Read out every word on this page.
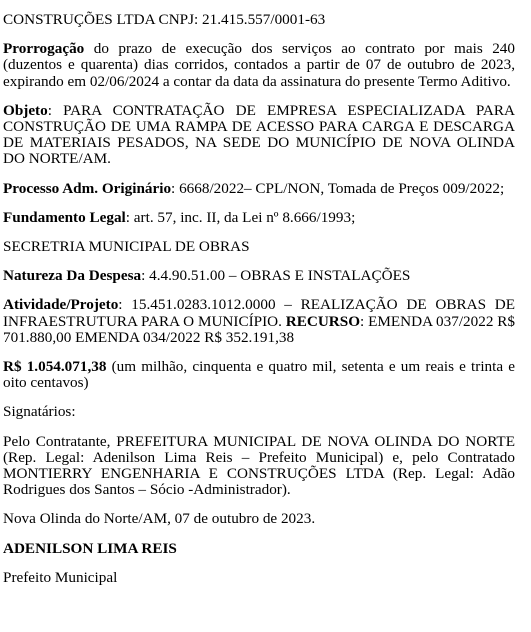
CONSTRUÇÕES LTDA CNPJ: 21.415.557/0001-63

Prorrogação do prazo de execução dos serviços ao contrato por mais 240 (duzentos e quarenta) dias corridos, contados a partir de 07 de outubro de 2023, expirando em 02/06/2024 a contar da data da assinatura do presente Termo Aditivo.

Objeto: PARA CONTRATAÇÃO DE EMPRESA ESPECIALIZADA PARA CONSTRUÇÃO DE UMA RAMPA DE ACESSO PARA CARGA E DESCARGA DE MATERIAIS PESADOS, NA SEDE DO MUNICÍPIO DE NOVA OLINDA DO NORTE/AM.

Processo Adm. Originário: 6668/2022– CPL/NON, Tomada de Preços 009/2022;

Fundamento Legal: art. 57, inc. II, da Lei nº 8.666/1993;

SECRETRIA MUNICIPAL DE OBRAS

Natureza Da Despesa: 4.4.90.51.00 – OBRAS E INSTALAÇÕES

Atividade/Projeto: 15.451.0283.1012.0000 – REALIZAÇÃO DE OBRAS DE INFRAESTRUTURA PARA O MUNICÍPIO. RECURSO: EMENDA 037/2022 R$ 701.880,00 EMENDA 034/2022 R$ 352.191,38

R$ 1.054.071,38 (um milhão, cinquenta e quatro mil, setenta e um reais e trinta e oito centavos)

Signatários:

Pelo Contratante, PREFEITURA MUNICIPAL DE NOVA OLINDA DO NORTE (Rep. Legal: Adenilson Lima Reis – Prefeito Municipal) e, pelo Contratado MONTIERRY ENGENHARIA E CONSTRUÇÕES LTDA (Rep. Legal: Adão Rodrigues dos Santos – Sócio -Administrador).

Nova Olinda do Norte/AM, 07 de outubro de 2023.

ADENILSON LIMA REIS

Prefeito Municipal
